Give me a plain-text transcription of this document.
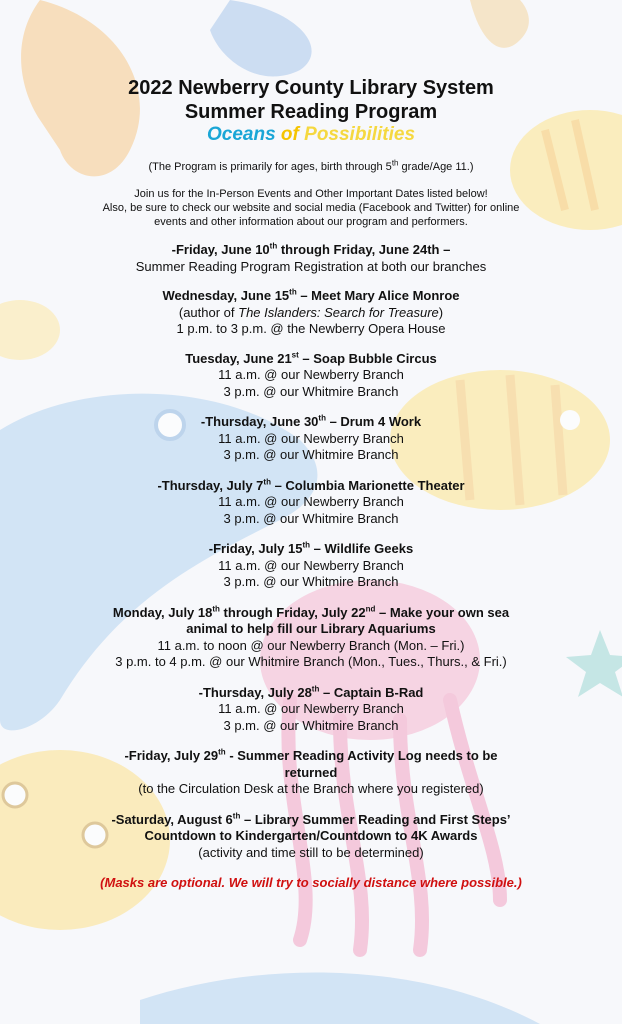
2022 Newberry County Library System
Summer Reading Program
Oceans of Possibilities
(The Program is primarily for ages, birth through 5th grade/Age 11.)
Join us for the In-Person Events and Other Important Dates listed below!
Also, be sure to check our website and social media (Facebook and Twitter) for online
events and other information about our program and performers.
-Friday, June 10th through Friday, June 24th –
Summer Reading Program Registration at both our branches
Wednesday, June 15th – Meet Mary Alice Monroe
(author of The Islanders: Search for Treasure)
1 p.m. to 3 p.m. @ the Newberry Opera House
Tuesday, June 21st – Soap Bubble Circus
11 a.m. @ our Newberry Branch
3 p.m. @ our Whitmire Branch
-Thursday, June 30th – Drum 4 Work
11 a.m. @ our Newberry Branch
3 p.m. @ our Whitmire Branch
-Thursday, July 7th – Columbia Marionette Theater
11 a.m. @ our Newberry Branch
3 p.m. @ our Whitmire Branch
-Friday, July 15th – Wildlife Geeks
11 a.m. @ our Newberry Branch
3 p.m. @ our Whitmire Branch
Monday, July 18th through Friday, July 22nd – Make your own sea
animal to help fill our Library Aquariums
11 a.m. to noon @ our Newberry Branch (Mon. – Fri.)
3 p.m. to 4 p.m. @ our Whitmire Branch (Mon., Tues., Thurs., & Fri.)
-Thursday, July 28th – Captain B-Rad
11 a.m. @ our Newberry Branch
3 p.m. @ our Whitmire Branch
-Friday, July 29th - Summer Reading Activity Log needs to be
returned
(to the Circulation Desk at the Branch where you registered)
-Saturday, August 6th – Library Summer Reading and First Steps’
Countdown to Kindergarten/Countdown to 4K Awards
(activity and time still to be determined)
(Masks are optional. We will try to socially distance where possible.)
